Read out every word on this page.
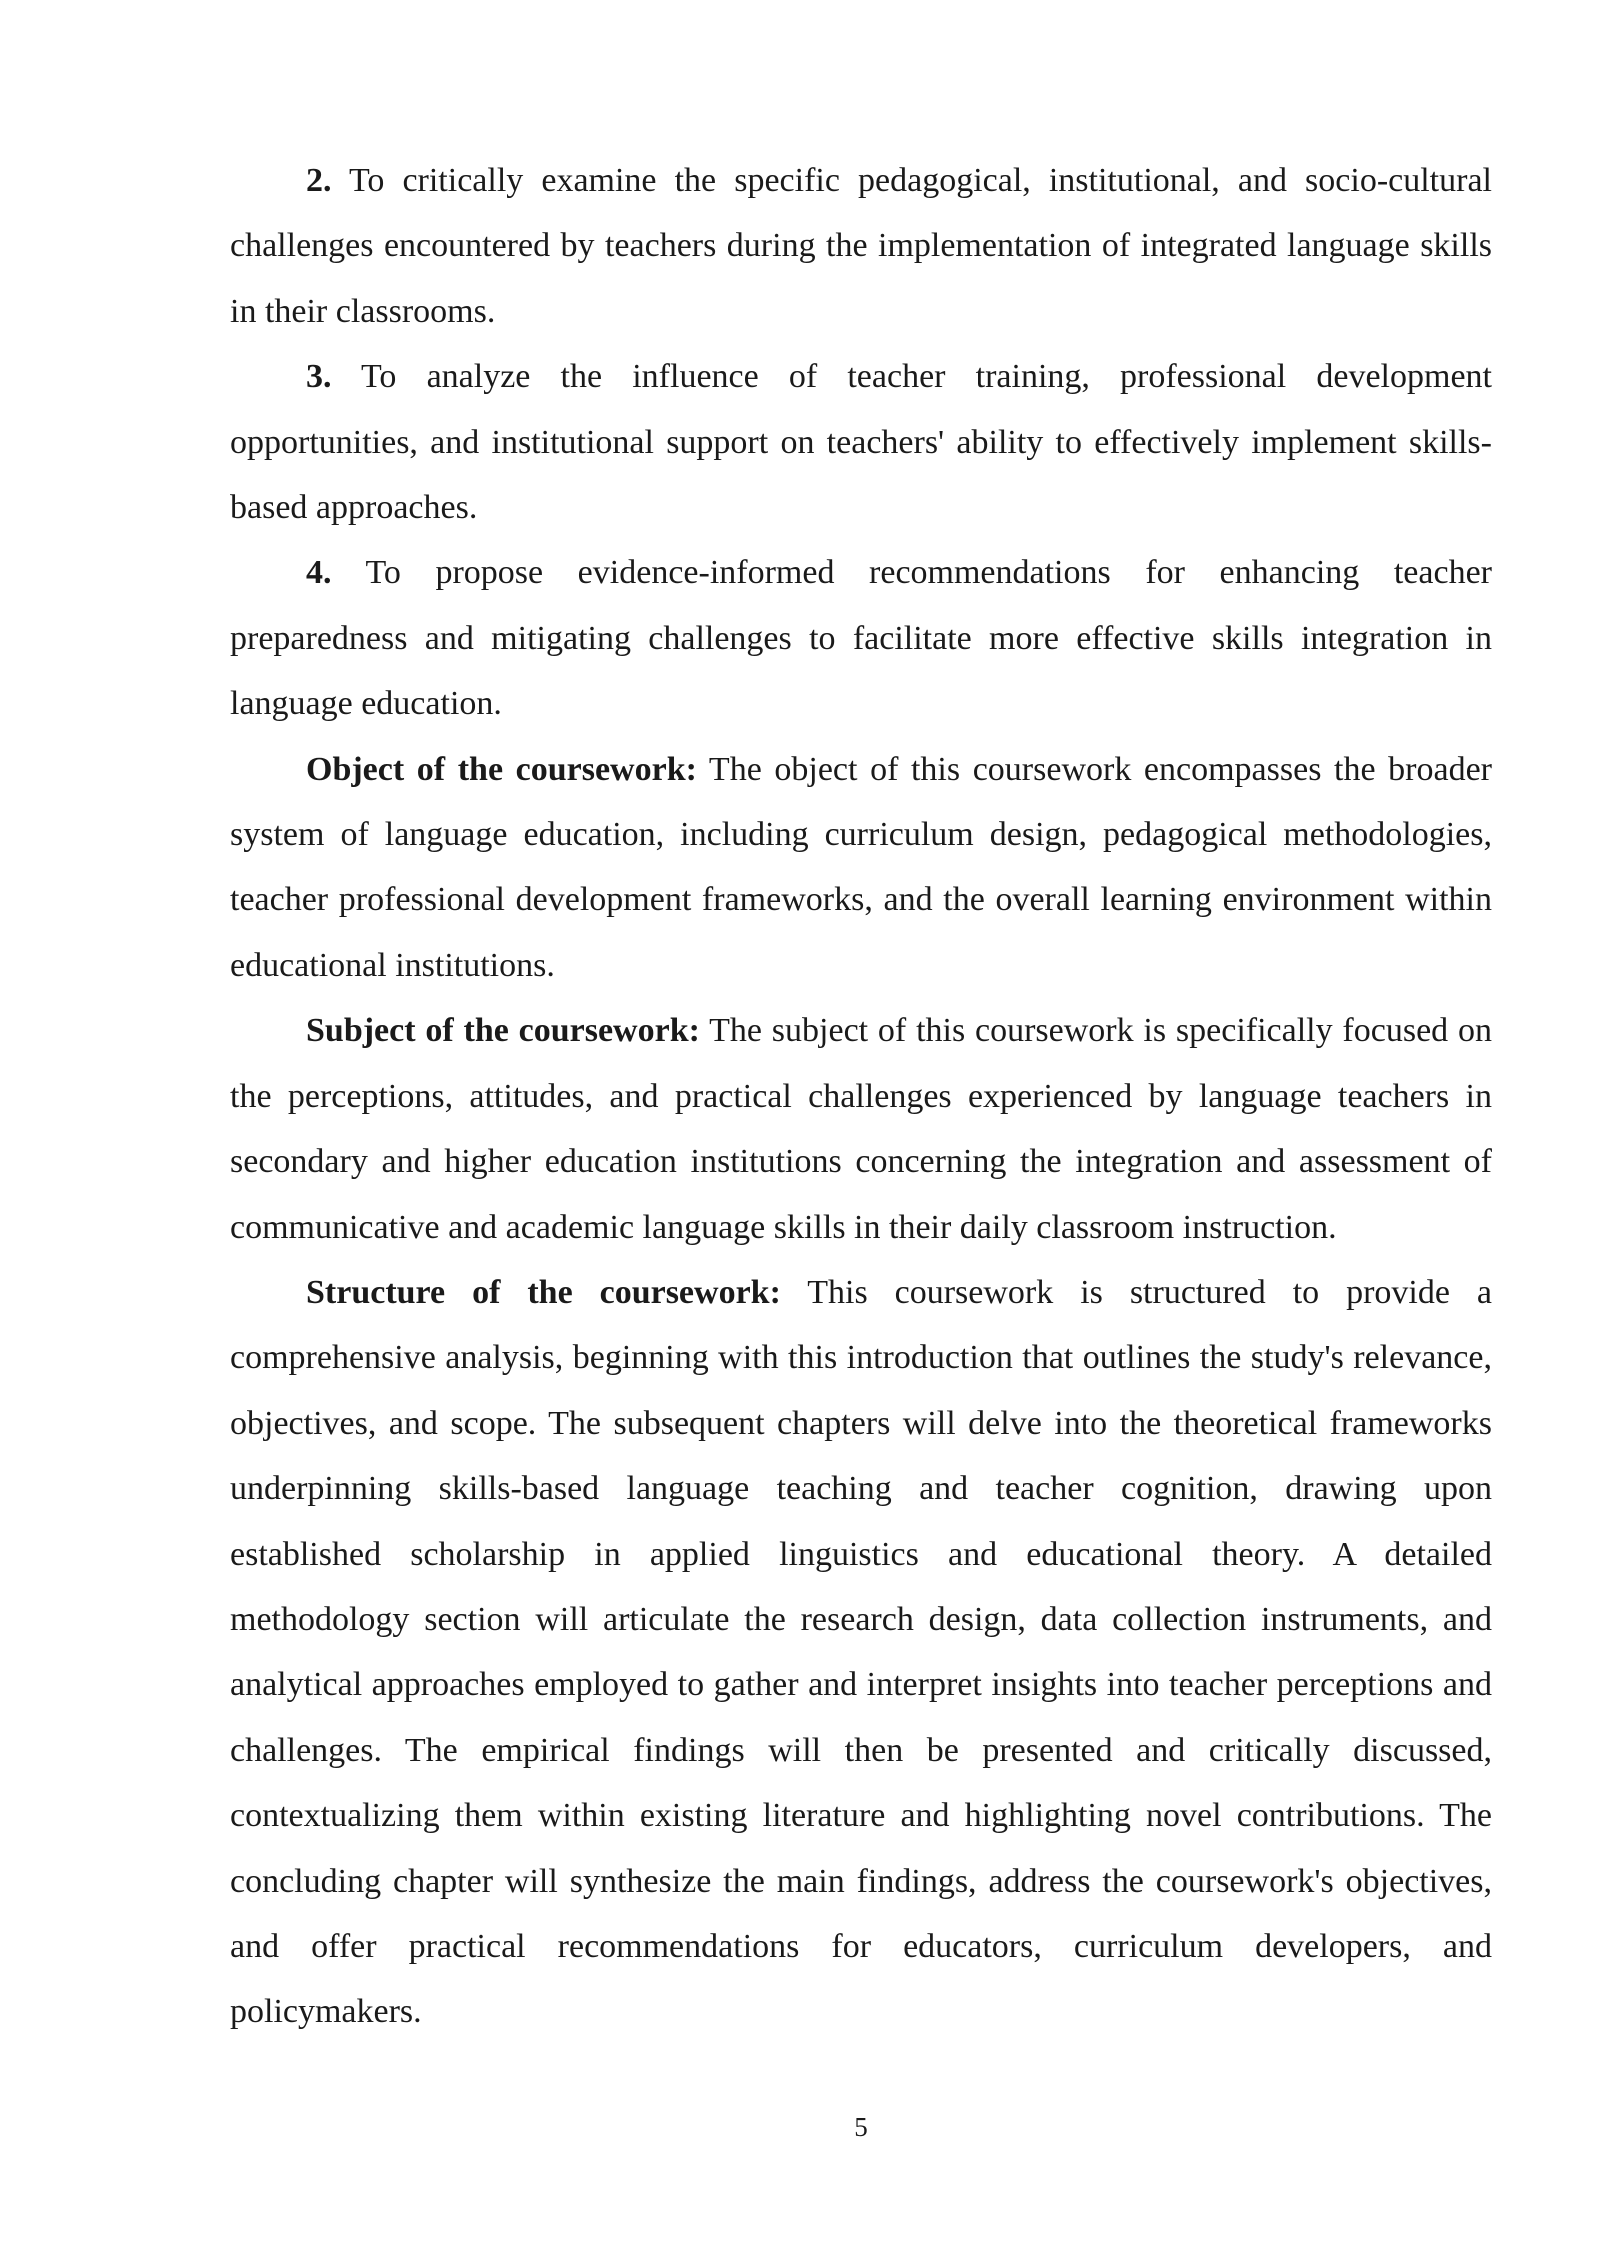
2. To critically examine the specific pedagogical, institutional, and socio-cultural challenges encountered by teachers during the implementation of integrated language skills in their classrooms.

3. To analyze the influence of teacher training, professional development opportunities, and institutional support on teachers' ability to effectively implement skills-based approaches.

4. To propose evidence-informed recommendations for enhancing teacher preparedness and mitigating challenges to facilitate more effective skills integration in language education.

Object of the coursework: The object of this coursework encompasses the broader system of language education, including curriculum design, pedagogical methodologies, teacher professional development frameworks, and the overall learning environment within educational institutions.

Subject of the coursework: The subject of this coursework is specifically focused on the perceptions, attitudes, and practical challenges experienced by language teachers in secondary and higher education institutions concerning the integration and assessment of communicative and academic language skills in their daily classroom instruction.

Structure of the coursework: This coursework is structured to provide a comprehensive analysis, beginning with this introduction that outlines the study's relevance, objectives, and scope. The subsequent chapters will delve into the theoretical frameworks underpinning skills-based language teaching and teacher cognition, drawing upon established scholarship in applied linguistics and educational theory. A detailed methodology section will articulate the research design, data collection instruments, and analytical approaches employed to gather and interpret insights into teacher perceptions and challenges. The empirical findings will then be presented and critically discussed, contextualizing them within existing literature and highlighting novel contributions. The concluding chapter will synthesize the main findings, address the coursework's objectives, and offer practical recommendations for educators, curriculum developers, and policymakers.

5
